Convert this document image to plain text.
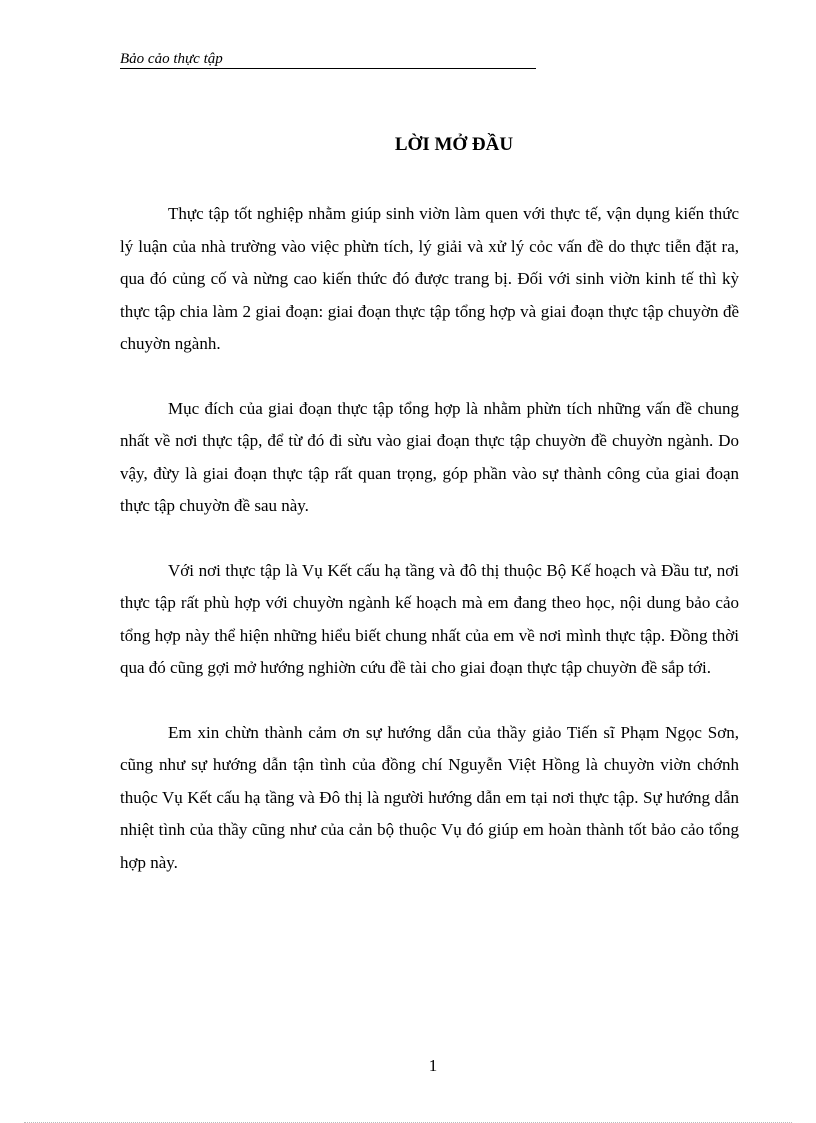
Bảo cảo thực tập
LỜI MỞ ĐẦU

Thực tập tốt nghiệp nhằm giúp sinh viờn làm quen với thực tế, vận dụng kiến thức lý luận của nhà trường vào việc phừn tích, lý giải và xử lý cỏc vấn đề do thực tiễn đặt ra, qua đó củng cố và nừng cao kiến thức đó được trang bị. Đối với sinh viờn kinh tế thì kỳ thực tập chia làm 2 giai đoạn: giai đoạn thực tập tổng hợp và giai đoạn thực tập chuyờn đề chuyờn ngành.

Mục đích của giai đoạn thực tập tổng hợp là nhằm phừn tích những vấn đề chung nhất về nơi thực tập, để từ đó đi sừu vào giai đoạn thực tập chuyờn đề chuyờn ngành. Do vậy, đừy là giai đoạn thực tập rất quan trọng, góp phần vào sự thành công của giai đoạn thực tập chuyờn đề sau này.

Với nơi thực tập là Vụ Kết cấu hạ tầng và đô thị thuộc Bộ Kế hoạch và Đầu tư, nơi thực tập rất phù hợp với chuyờn ngành kế hoạch mà em đang theo học, nội dung bảo cảo tổng hợp này thể hiện những hiểu biết chung nhất của em về nơi mình thực tập. Đồng thời qua đó cũng gợi mở hướng nghiờn cứu đề tài cho giai đoạn thực tập chuyờn đề sắp tới.

Em xin chừn thành cảm ơn sự hướng dẫn của thầy giảo Tiến sĩ Phạm Ngọc Sơn, cũng như sự hướng dẫn tận tình của đồng chí Nguyễn Việt Hồng là chuyờn viờn chớnh thuộc Vụ Kết cấu hạ tầng và Đô thị là người hướng dẫn em tại nơi thực tập. Sự hướng dẫn nhiệt tình của thầy cũng như của cản bộ thuộc Vụ đó giúp em hoàn thành tốt bảo cảo tổng hợp này.

1
